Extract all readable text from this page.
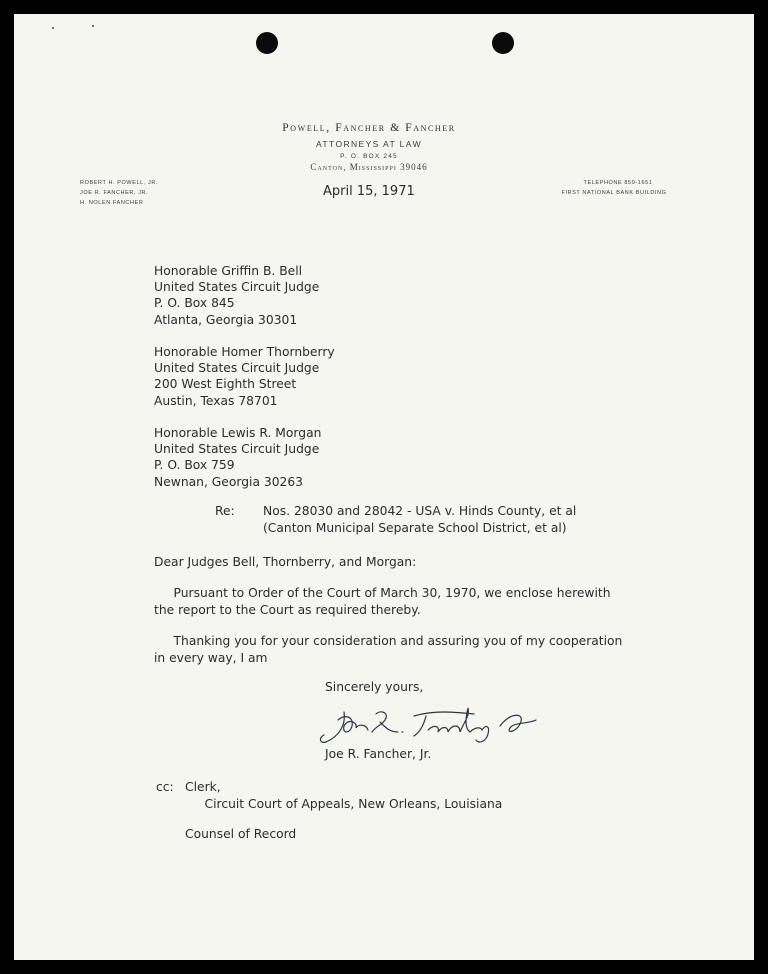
Powell, Fancher & Fancher
ATTORNEYS AT LAW
P. O. BOX 245
Canton, Mississippi 39046
ROBERT H. POWELL, JR.
JOE R. FANCHER, JR.
H. NOLEN FANCHER
TELEPHONE 859-1651
FIRST NATIONAL BANK BUILDING
April 15, 1971
Honorable Griffin B. Bell
United States Circuit Judge
P. O. Box 845
Atlanta, Georgia 30301
Honorable Homer Thornberry
United States Circuit Judge
200 West Eighth Street
Austin, Texas 78701
Honorable Lewis R. Morgan
United States Circuit Judge
P. O. Box 759
Newnan, Georgia 30263
Re: Nos. 28030 and 28042 - USA v. Hinds County, et al
(Canton Municipal Separate School District, et al)
Dear Judges Bell, Thornberry, and Morgan:
Pursuant to Order of the Court of March 30, 1970, we enclose herewith
the report to the Court as required thereby.
Thanking you for your consideration and assuring you of my cooperation
in every way, I am
Sincerely yours,
Joe R. Fancher, Jr.
cc: Clerk,
Circuit Court of Appeals, New Orleans, Louisiana
Counsel of Record
